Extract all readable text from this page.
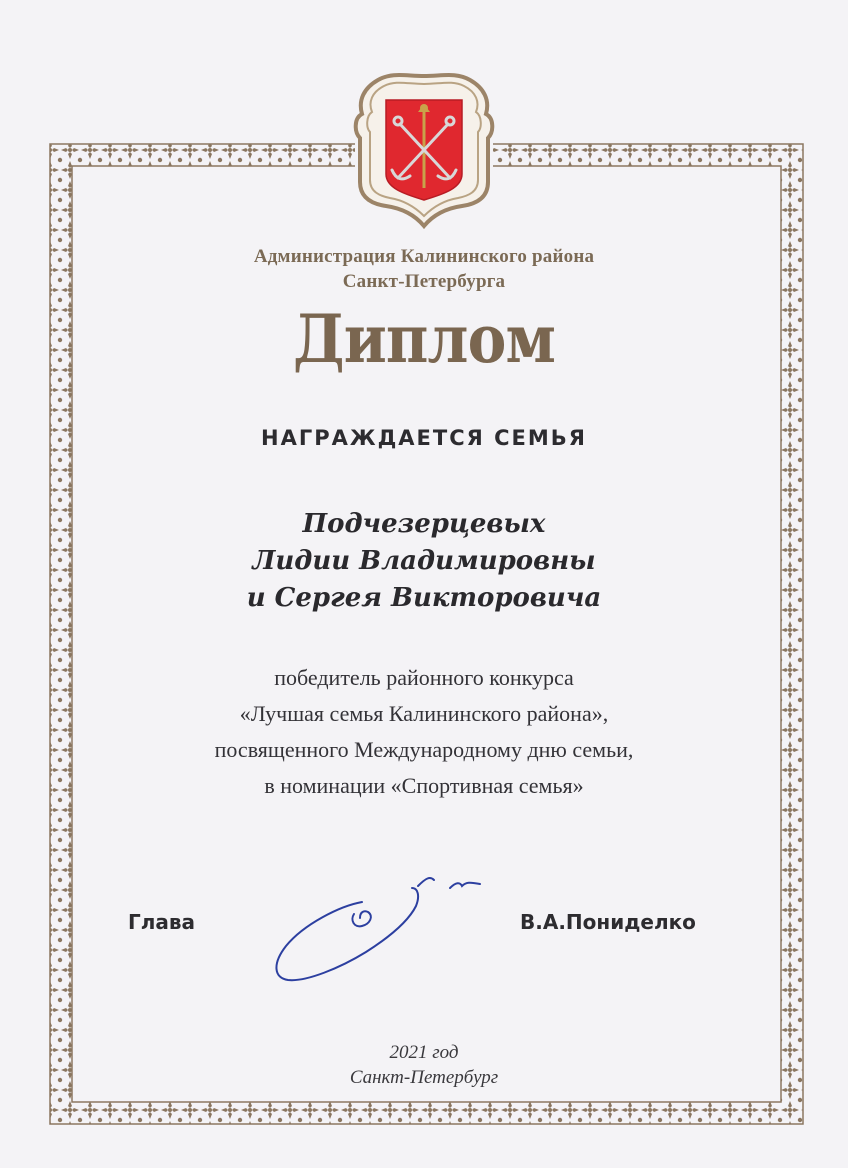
Администрация Калининского района
Санкт-Петербурга

Диплом

НАГРАЖДАЕТСЯ СЕМЬЯ

Подчезерцевых
Лидии Владимировны
и Сергея Викторовича

победитель районного конкурса
«Лучшая семья Калининского района»,
посвященного Международному дню семьи,
в номинации «Спортивная семья»

Глава	В.А.Пониделко

2021 год
Санкт-Петербург
